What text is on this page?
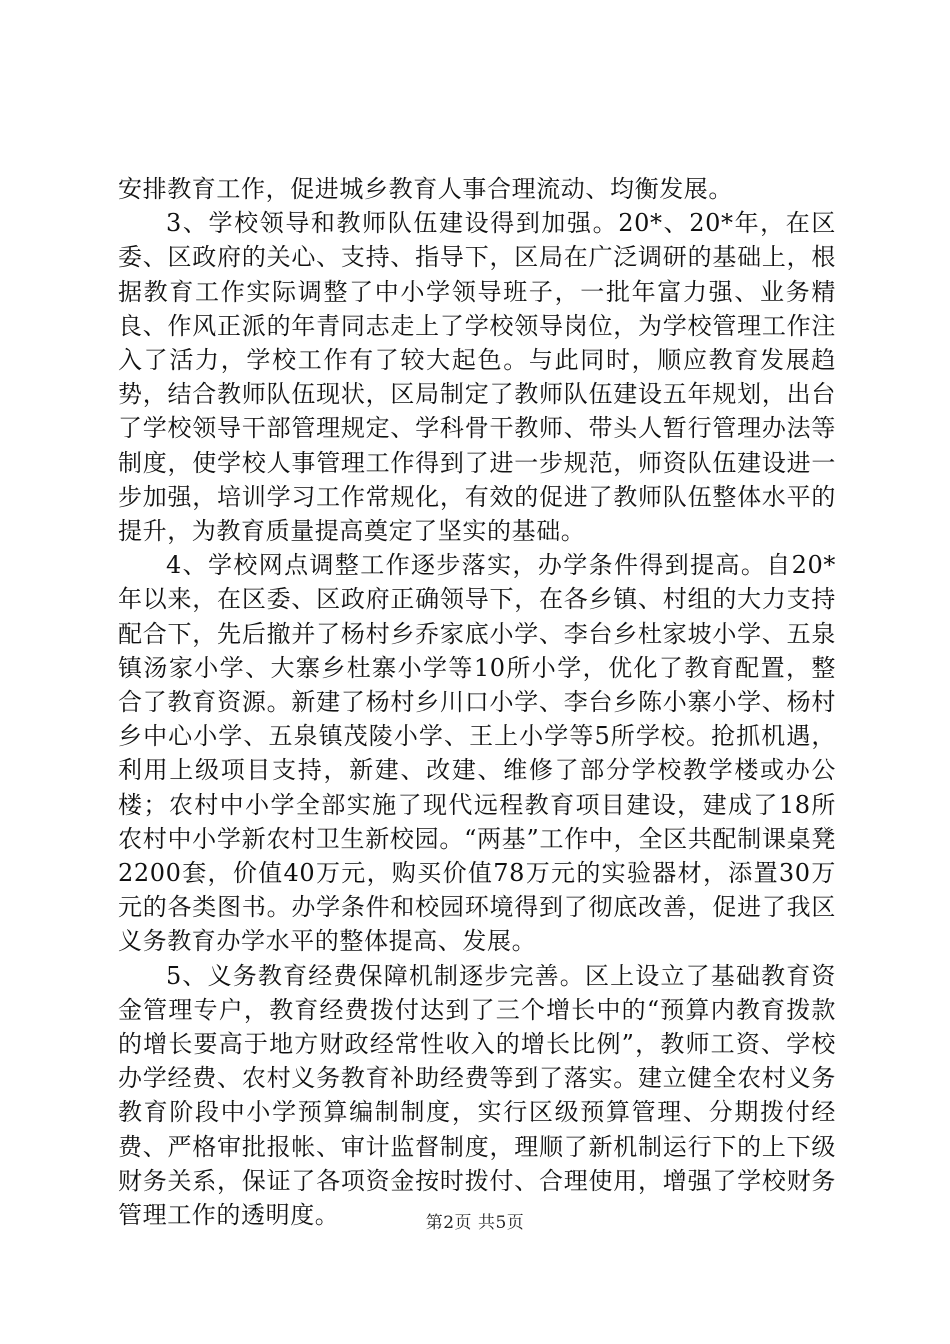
安排教育工作，促进城乡教育人事合理流动、均衡发展。

3、学校领导和教师队伍建设得到加强。20*、20*年，在区委、区政府的关心、支持、指导下，区局在广泛调研的基础上，根据教育工作实际调整了中小学领导班子，一批年富力强、业务精良、作风正派的年青同志走上了学校领导岗位，为学校管理工作注入了活力，学校工作有了较大起色。与此同时，顺应教育发展趋势，结合教师队伍现状，区局制定了教师队伍建设五年规划，出台了学校领导干部管理规定、学科骨干教师、带头人暂行管理办法等制度，使学校人事管理工作得到了进一步规范，师资队伍建设进一步加强，培训学习工作常规化，有效的促进了教师队伍整体水平的提升，为教育质量提高奠定了坚实的基础。

4、学校网点调整工作逐步落实，办学条件得到提高。自20*年以来，在区委、区政府正确领导下，在各乡镇、村组的大力支持配合下，先后撤并了杨村乡乔家底小学、李台乡杜家坡小学、五泉镇汤家小学、大寨乡杜寨小学等10所小学，优化了教育配置，整合了教育资源。新建了杨村乡川口小学、李台乡陈小寨小学、杨村乡中心小学、五泉镇茂陵小学、王上小学等5所学校。抢抓机遇，利用上级项目支持，新建、改建、维修了部分学校教学楼或办公楼；农村中小学全部实施了现代远程教育项目建设，建成了18所农村中小学新农村卫生新校园。“两基”工作中，全区共配制课桌凳2200套，价值40万元，购买价值78万元的实验器材，添置30万元的各类图书。办学条件和校园环境得到了彻底改善，促进了我区义务教育办学水平的整体提高、发展。

5、义务教育经费保障机制逐步完善。区上设立了基础教育资金管理专户，教育经费拨付达到了三个增长中的“预算内教育拨款的增长要高于地方财政经常性收入的增长比例”，教师工资、学校办学经费、农村义务教育补助经费等到了落实。建立健全农村义务教育阶段中小学预算编制制度，实行区级预算管理、分期拨付经费、严格审批报帐、审计监督制度，理顺了新机制运行下的上下级财务关系，保证了各项资金按时拨付、合理使用，增强了学校财务管理工作的透明度。	第2页 共5页
